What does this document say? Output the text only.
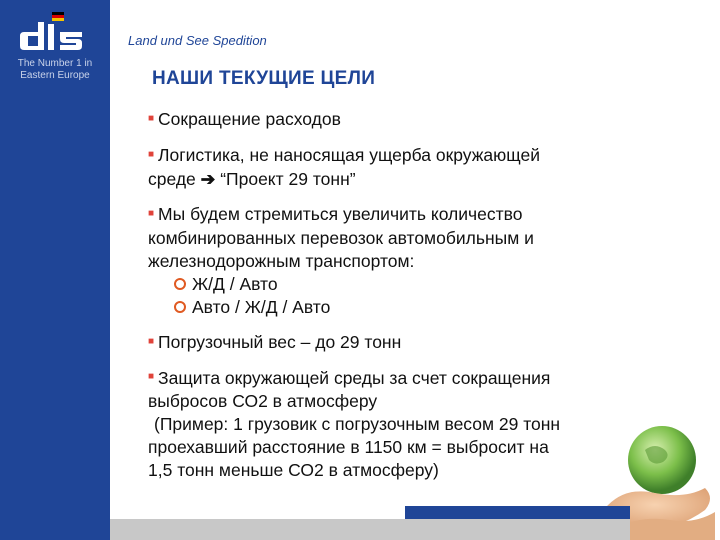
The Number 1 in
Eastern Europe
Land und See Spedition
НАШИ ТЕКУЩИЕ ЦЕЛИ
■ Сокращение расходов
■ Логистика, не наносящая ущерба окружающей
среде ➔ “Проект 29 тонн”
■ Мы будем стремиться увеличить количество
комбинированных перевозок автомобильным и
железнодорожным транспортом:
Ж/Д / Авто
Авто / Ж/Д / Авто
■ Погрузочный вес – до 29 тонн
■ Защита окружающей среды за счет сокращения
выбросов СО2 в атмосферу
(Пример: 1 грузовик с погрузочным весом 29 тонн
проехавший расстояние в 1150 км = выбросит на
1,5 тонн меньше СО2 в атмосферу)
